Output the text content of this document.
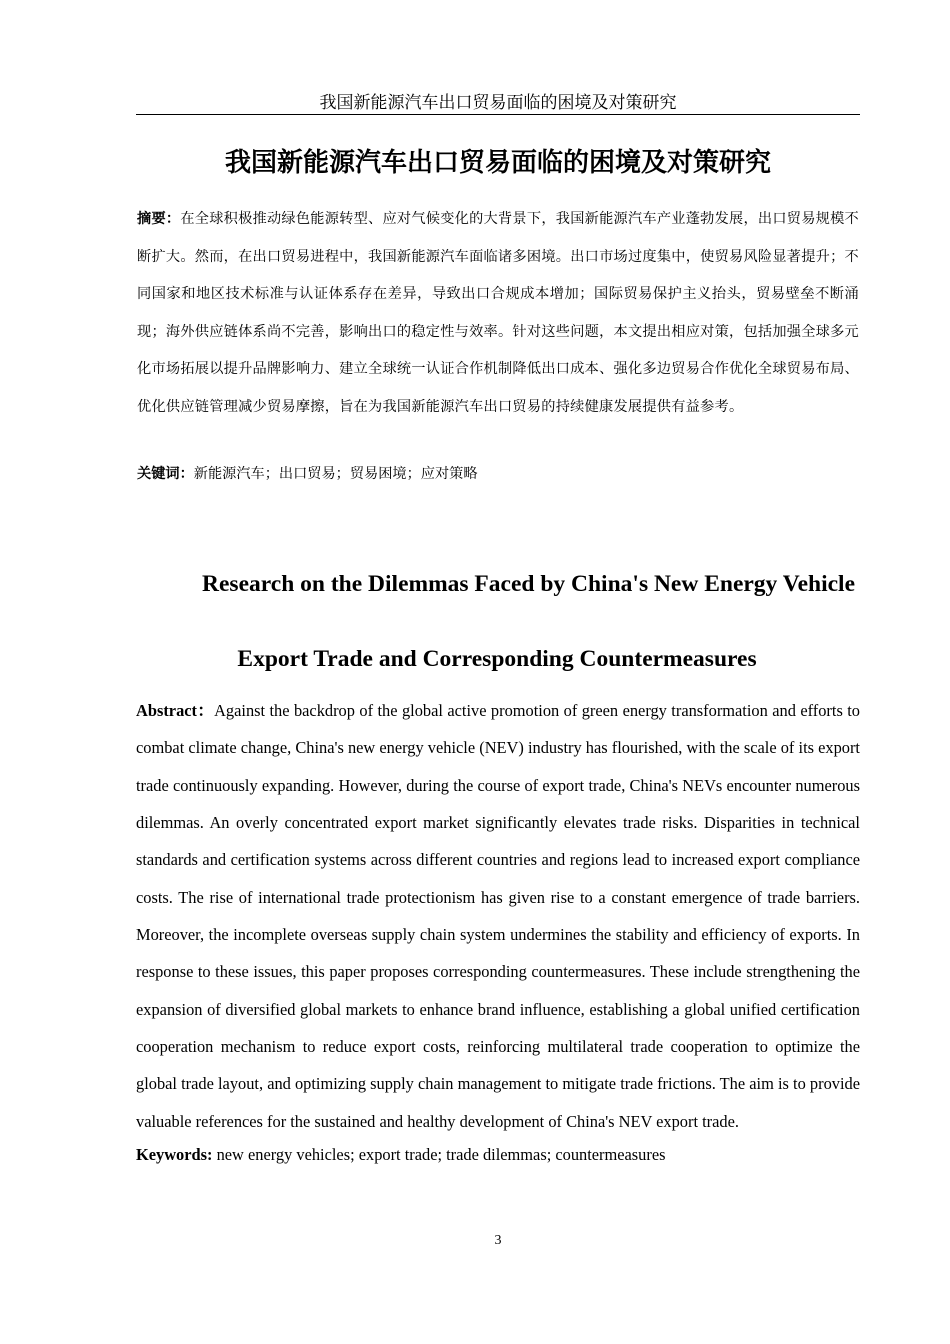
我国新能源汽车出口贸易面临的困境及对策研究
我国新能源汽车出口贸易面临的困境及对策研究
摘要：在全球积极推动绿色能源转型、应对气候变化的大背景下，我国新能源汽车产业蓬勃发展，出口贸易规模不断扩大。然而，在出口贸易进程中，我国新能源汽车面临诸多困境。出口市场过度集中，使贸易风险显著提升；不同国家和地区技术标准与认证体系存在差异，导致出口合规成本增加；国际贸易保护主义抬头，贸易壁垒不断涌现；海外供应链体系尚不完善，影响出口的稳定性与效率。针对这些问题，本文提出相应对策，包括加强全球多元化市场拓展以提升品牌影响力、建立全球统一认证合作机制降低出口成本、强化多边贸易合作优化全球贸易布局、优化供应链管理减少贸易摩擦，旨在为我国新能源汽车出口贸易的持续健康发展提供有益参考。
关键词：新能源汽车；出口贸易；贸易困境；应对策略
Research on the Dilemmas Faced by China's New Energy Vehicle
Export Trade and Corresponding Countermeasures
Abstract：Against the backdrop of the global active promotion of green energy transformation and efforts to combat climate change, China's new energy vehicle (NEV) industry has flourished, with the scale of its export trade continuously expanding. However, during the course of export trade, China's NEVs encounter numerous dilemmas. An overly concentrated export market significantly elevates trade risks. Disparities in technical standards and certification systems across different countries and regions lead to increased export compliance costs. The rise of international trade protectionism has given rise to a constant emergence of trade barriers. Moreover, the incomplete overseas supply chain system undermines the stability and efficiency of exports. In response to these issues, this paper proposes corresponding countermeasures. These include strengthening the expansion of diversified global markets to enhance brand influence, establishing a global unified certification cooperation mechanism to reduce export costs, reinforcing multilateral trade cooperation to optimize the global trade layout, and optimizing supply chain management to mitigate trade frictions. The aim is to provide valuable references for the sustained and healthy development of China's NEV export trade.
Keywords: new energy vehicles; export trade; trade dilemmas; countermeasures
3
